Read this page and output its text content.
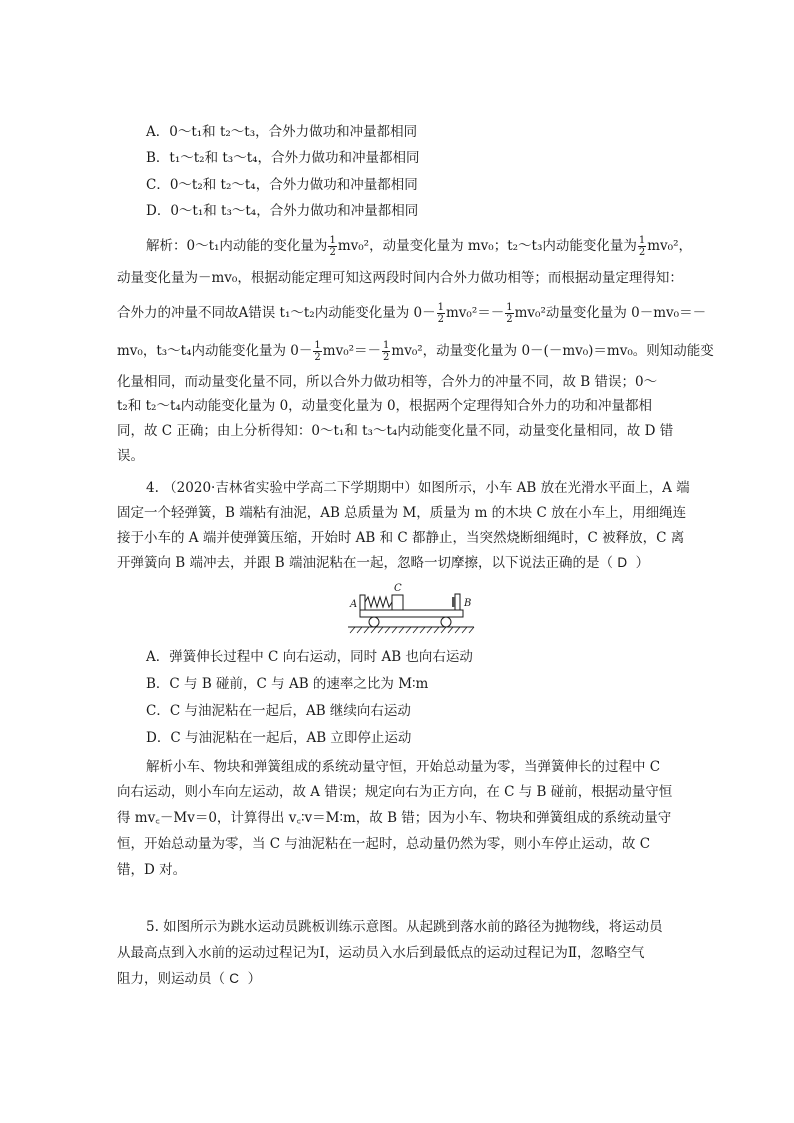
A．0～t₁和 t₂～t₃，合外力做功和冲量都相同
B．t₁～t₂和 t₃～t₄，合外力做功和冲量都相同
C．0～t₂和 t₂～t₄，合外力做功和冲量都相同
D．0～t₁和 t₃～t₄，合外力做功和冲量都相同
解析：0～t₁内动能的变化量为 $\frac{1}{2} mv_0^2$，动量变化量为 mv₀；t₂～t₃内动能变化量为 $\frac{1}{2} mv_0^2$，
动量变化量为－mv₀，根据动能定理可知这两段时间内合外力做功相等；而根据动量定理得知：
合外力的冲量不同故A错误 t₁～t₂内动能变化量为 $0- \frac{1}{2} mv_0^2=- \frac{1}{2} mv_0^2$动量变化量为 0－mv₀＝－
mv₀，t₃～t₄内动能变化量为 $0- \frac{1}{2} mv_0^2=- \frac{1}{2} mv_0^2$，动量变化量为 0－(－mv₀)＝mv₀。则知动能变
化量相同，而动量变化量不同，所以合外力做功相等，合外力的冲量不同，故 B 错误；0～
t₂和 t₂～t₄内动能变化量为 0，动量变化量为 0，根据两个定理得知合外力的功和冲量都相
同，故 C 正确；由上分析得知：0～t₁和 t₃～t₄内动能变化量不同，动量变化量相同，故 D 错
误。
4. （2020·吉林省实验中学高二下学期期中）如图所示，小车 AB 放在光滑水平面上，A 端
固定一个轻弹簧，B 端粘有油泥，AB 总质量为 M，质量为 m 的木块 C 放在小车上，用细绳连
接于小车的 A 端并使弹簧压缩，开始时 AB 和 C 都静止，当突然烧断细绳时，C 被释放，C 离
开弹簧向 B 端冲去，并跟 B 端油泥粘在一起，忽略一切摩擦，以下说法正确的是（ D ）
A	B
C
A．弹簧伸长过程中 C 向右运动，同时 AB 也向右运动
B．C 与 B 碰前，C 与 AB 的速率之比为 M∶m
C．C 与油泥粘在一起后，AB 继续向右运动
D．C 与油泥粘在一起后，AB 立即停止运动
解析小车、物块和弹簧组成的系统动量守恒，开始总动量为零，当弹簧伸长的过程中 C
向右运动，则小车向左运动，故 A 错误；规定向右为正方向，在 C 与 B 碰前，根据动量守恒
得 mv꜀－Mv＝0，计算得出 v꜀∶v＝M∶m，故 B 错；因为小车、物块和弹簧组成的系统动量守
恒，开始总动量为零，当 C 与油泥粘在一起时，总动量仍然为零，则小车停止运动，故 C
错，D 对。
5. 如图所示为跳水运动员跳板训练示意图。从起跳到落水前的路径为抛物线，将运动员
从最高点到入水前的运动过程记为Ⅰ，运动员入水后到最低点的运动过程记为Ⅱ，忽略空气
阻力，则运动员（ C ）
